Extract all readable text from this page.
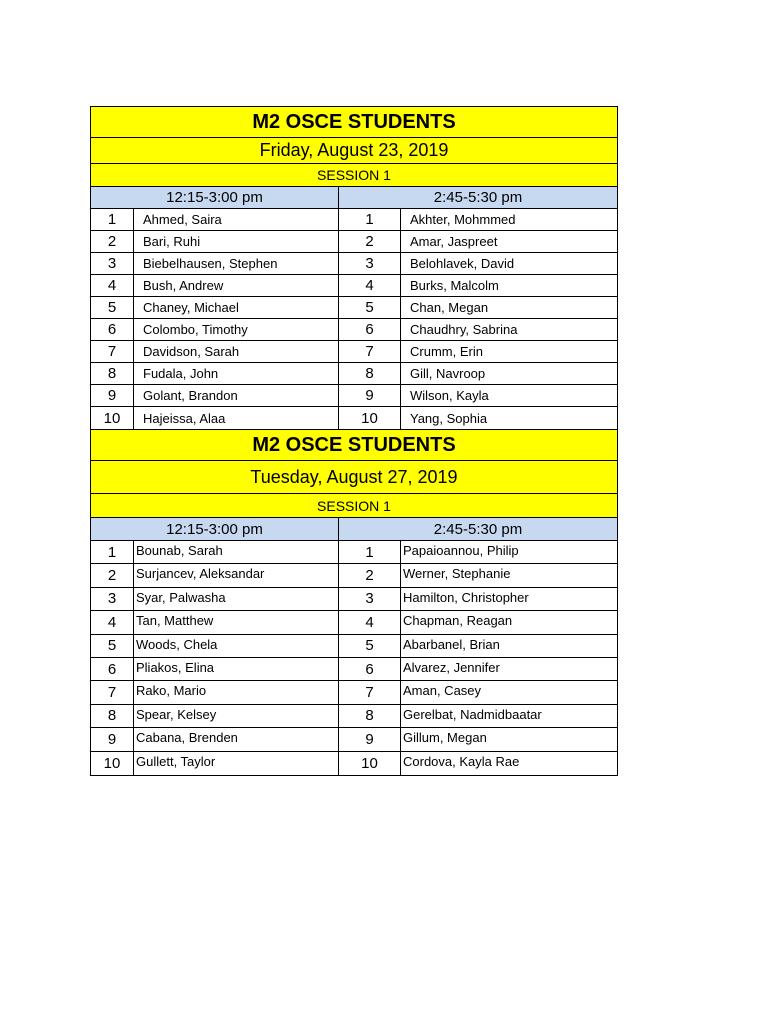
M2 OSCE STUDENTS
Friday, August 23, 2019
SESSION 1
12:15-3:00 pm	2:45-5:30 pm
1	Ahmed, Saira	1	Akhter, Mohmmed
2	Bari, Ruhi	2	Amar, Jaspreet
3	Biebelhausen, Stephen	3	Belohlavek, David
4	Bush, Andrew	4	Burks, Malcolm
5	Chaney, Michael	5	Chan, Megan
6	Colombo, Timothy	6	Chaudhry, Sabrina
7	Davidson, Sarah	7	Crumm, Erin
8	Fudala, John	8	Gill, Navroop
9	Golant, Brandon	9	Wilson, Kayla
10	Hajeissa, Alaa	10	Yang, Sophia
M2 OSCE STUDENTS
Tuesday, August 27, 2019
SESSION 1
12:15-3:00 pm	2:45-5:30 pm
1	Bounab, Sarah	1	Papaioannou, Philip
2	Surjancev, Aleksandar	2	Werner, Stephanie
3	Syar, Palwasha	3	Hamilton, Christopher
4	Tan, Matthew	4	Chapman, Reagan
5	Woods, Chela	5	Abarbanel, Brian
6	Pliakos, Elina	6	Alvarez, Jennifer
7	Rako, Mario	7	Aman, Casey
8	Spear, Kelsey	8	Gerelbat, Nadmidbaatar
9	Cabana, Brenden	9	Gillum, Megan
10	Gullett, Taylor	10	Cordova, Kayla Rae
